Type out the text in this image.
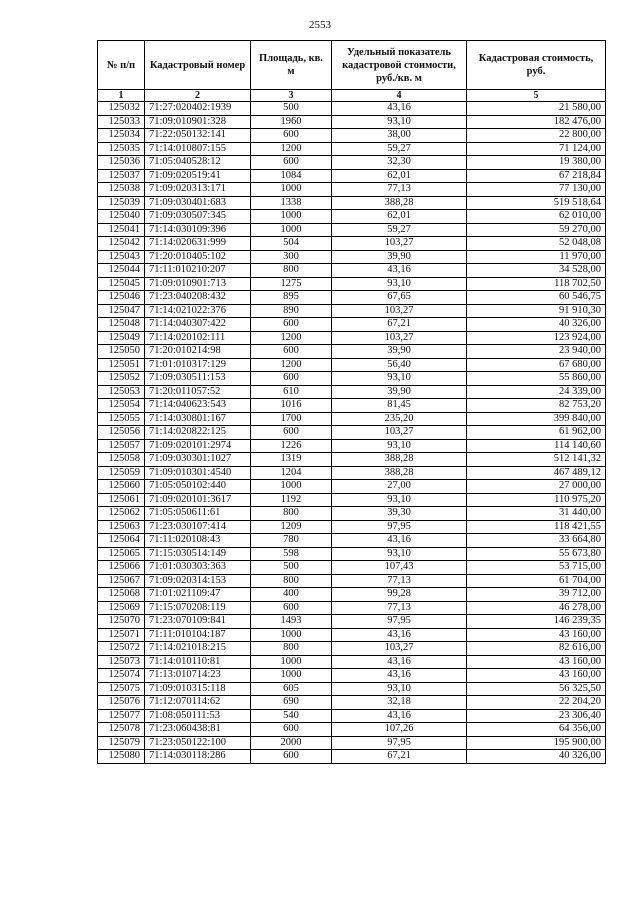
2553
№ п/п	Кадастровый номер	Площадь, кв. м	Удельный показатель кадастровой стоимости, руб./кв. м	Кадастровая стоимость, руб.
1	2	3	4	5
125032	71:27:020402:1939	500	43,16	21 580,00
125033	71:09:010901:328	1960	93,10	182 476,00
125034	71:22:050132:141	600	38,00	22 800,00
125035	71:14:010807:155	1200	59,27	71 124,00
125036	71:05:040528:12	600	32,30	19 380,00
125037	71:09:020519:41	1084	62,01	67 218,84
125038	71:09:020313:171	1000	77,13	77 130,00
125039	71:09:030401:683	1338	388,28	519 518,64
125040	71:09:030507:345	1000	62,01	62 010,00
125041	71:14:030109:396	1000	59,27	59 270,00
125042	71:14:020631:999	504	103,27	52 048,08
125043	71:20:010405:102	300	39,90	11 970,00
125044	71:11:010210:207	800	43,16	34 528,00
125045	71:09:010901:713	1275	93,10	118 702,50
125046	71:23:040208:432	895	67,65	60 546,75
125047	71:14:021022:376	890	103,27	91 910,30
125048	71:14:040307:422	600	67,21	40 326,00
125049	71:14:020102:111	1200	103,27	123 924,00
125050	71:20:010214:98	600	39,90	23 940,00
125051	71:01:010317:129	1200	56,40	67 680,00
125052	71:09:030511:153	600	93,10	55 860,00
125053	71:20:011057:52	610	39,90	24 339,00
125054	71:14:040623:543	1016	81,45	82 753,20
125055	71:14:030801:167	1700	235,20	399 840,00
125056	71:14:020822:125	600	103,27	61 962,00
125057	71:09:020101:2974	1226	93,10	114 140,60
125058	71:09:030301:1027	1319	388,28	512 141,32
125059	71:09:010301:4540	1204	388,28	467 489,12
125060	71:05:050102:440	1000	27,00	27 000,00
125061	71:09:020101:3617	1192	93,10	110 975,20
125062	71:05:050611:61	800	39,30	31 440,00
125063	71:23:030107:414	1209	97,95	118 421,55
125064	71:11:020108:43	780	43,16	33 664,80
125065	71:15:030514:149	598	93,10	55 673,80
125066	71:01:030303:363	500	107,43	53 715,00
125067	71:09:020314:153	800	77,13	61 704,00
125068	71:01:021109:47	400	99,28	39 712,00
125069	71:15:070208:119	600	77,13	46 278,00
125070	71:23:070109:841	1493	97,95	146 239,35
125071	71:11:010104:187	1000	43,16	43 160,00
125072	71:14:021018:215	800	103,27	82 616,00
125073	71:14:010110:81	1000	43,16	43 160,00
125074	71:13:010714:23	1000	43,16	43 160,00
125075	71:09:010315:118	605	93,10	56 325,50
125076	71:12:070114:62	690	32,18	22 204,20
125077	71:08:050111:53	540	43,16	23 306,40
125078	71:23:060438:81	600	107,26	64 356,00
125079	71:23:050122:100	2000	97,95	195 900,00
125080	71:14:030118:286	600	67,21	40 326,00
